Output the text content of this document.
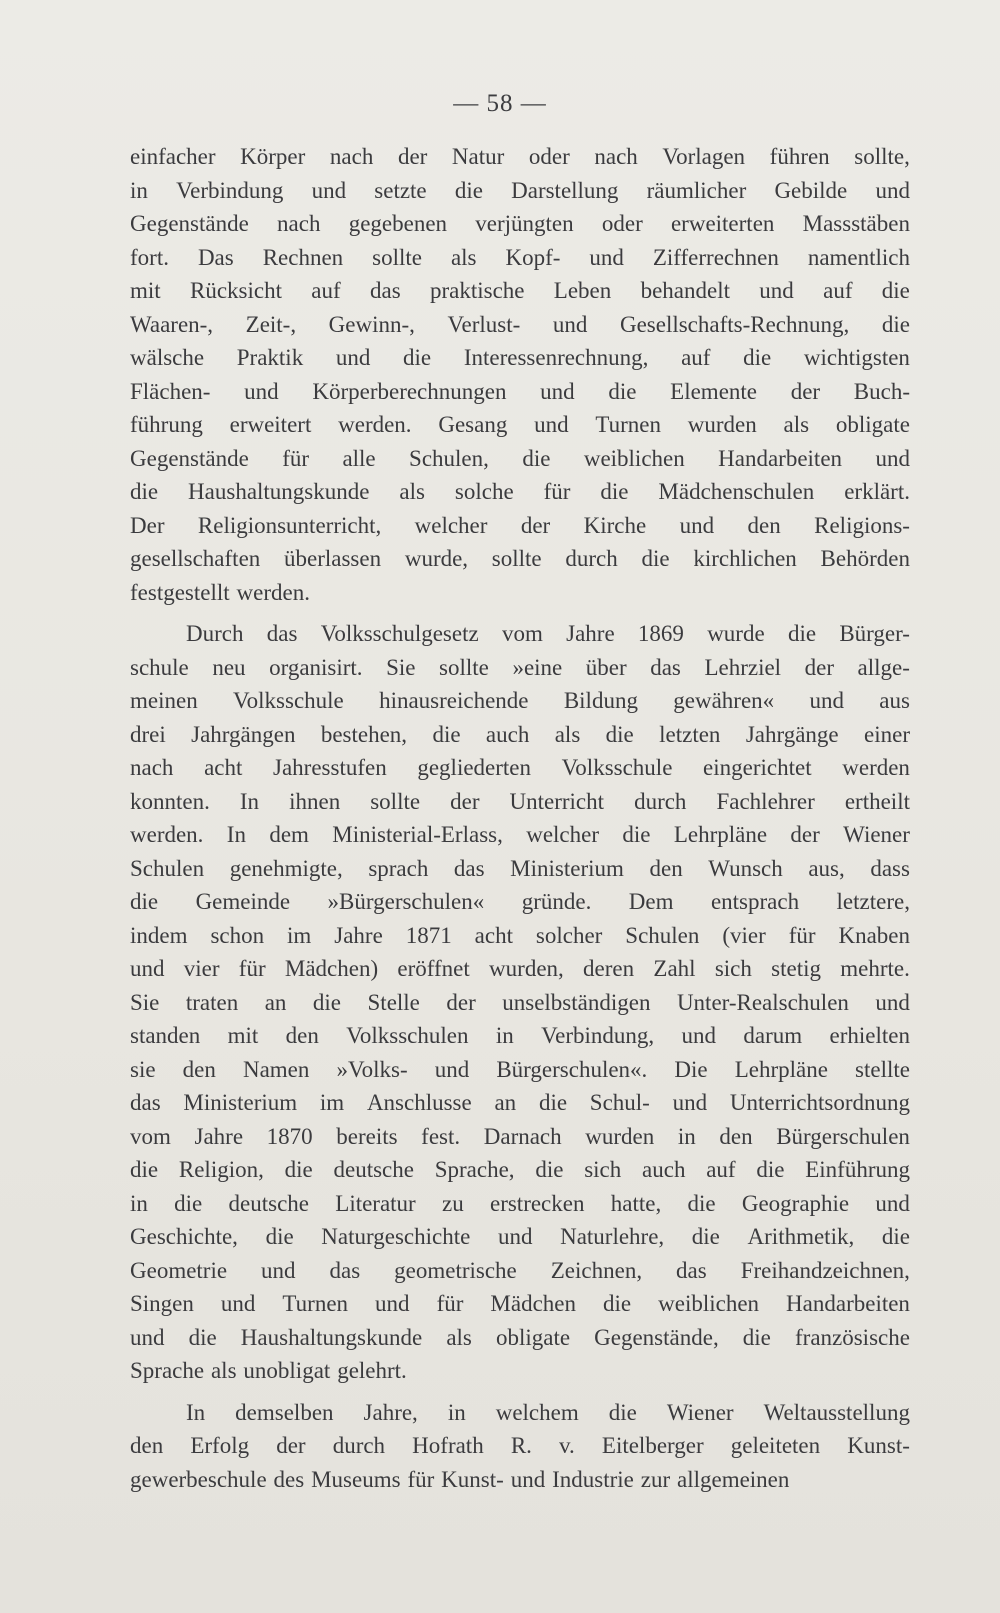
— 58 —
einfacher Körper nach der Natur oder nach Vorlagen führen sollte,
in Verbindung und setzte die Darstellung räumlicher Gebilde und
Gegenstände nach gegebenen verjüngten oder erweiterten Massstäben
fort. Das Rechnen sollte als Kopf- und Zifferrechnen namentlich
mit Rücksicht auf das praktische Leben behandelt und auf die
Waaren-, Zeit-, Gewinn-, Verlust- und Gesellschafts-Rechnung, die
wälsche Praktik und die Interessenrechnung, auf die wichtigsten
Flächen- und Körperberechnungen und die Elemente der Buch-
führung erweitert werden. Gesang und Turnen wurden als obligate
Gegenstände für alle Schulen, die weiblichen Handarbeiten und
die Haushaltungskunde als solche für die Mädchenschulen erklärt.
Der Religionsunterricht, welcher der Kirche und den Religions-
gesellschaften überlassen wurde, sollte durch die kirchlichen Behörden
festgestellt werden.
Durch das Volksschulgesetz vom Jahre 1869 wurde die Bürger-
schule neu organisirt. Sie sollte »eine über das Lehrziel der allge-
meinen Volksschule hinausreichende Bildung gewähren« und aus
drei Jahrgängen bestehen, die auch als die letzten Jahrgänge einer
nach acht Jahresstufen gegliederten Volksschule eingerichtet werden
konnten. In ihnen sollte der Unterricht durch Fachlehrer ertheilt
werden. In dem Ministerial-Erlass, welcher die Lehrpläne der Wiener
Schulen genehmigte, sprach das Ministerium den Wunsch aus, dass
die Gemeinde »Bürgerschulen« gründe. Dem entsprach letztere,
indem schon im Jahre 1871 acht solcher Schulen (vier für Knaben
und vier für Mädchen) eröffnet wurden, deren Zahl sich stetig mehrte.
Sie traten an die Stelle der unselbständigen Unter-Realschulen und
standen mit den Volksschulen in Verbindung, und darum erhielten
sie den Namen »Volks- und Bürgerschulen«. Die Lehrpläne stellte
das Ministerium im Anschlusse an die Schul- und Unterrichtsordnung
vom Jahre 1870 bereits fest. Darnach wurden in den Bürgerschulen
die Religion, die deutsche Sprache, die sich auch auf die Einführung
in die deutsche Literatur zu erstrecken hatte, die Geographie und
Geschichte, die Naturgeschichte und Naturlehre, die Arithmetik, die
Geometrie und das geometrische Zeichnen, das Freihandzeichnen,
Singen und Turnen und für Mädchen die weiblichen Handarbeiten
und die Haushaltungskunde als obligate Gegenstände, die französische
Sprache als unobligat gelehrt.
In demselben Jahre, in welchem die Wiener Weltausstellung
den Erfolg der durch Hofrath R. v. Eitelberger geleiteten Kunst-
gewerbeschule des Museums für Kunst- und Industrie zur allgemeinen
